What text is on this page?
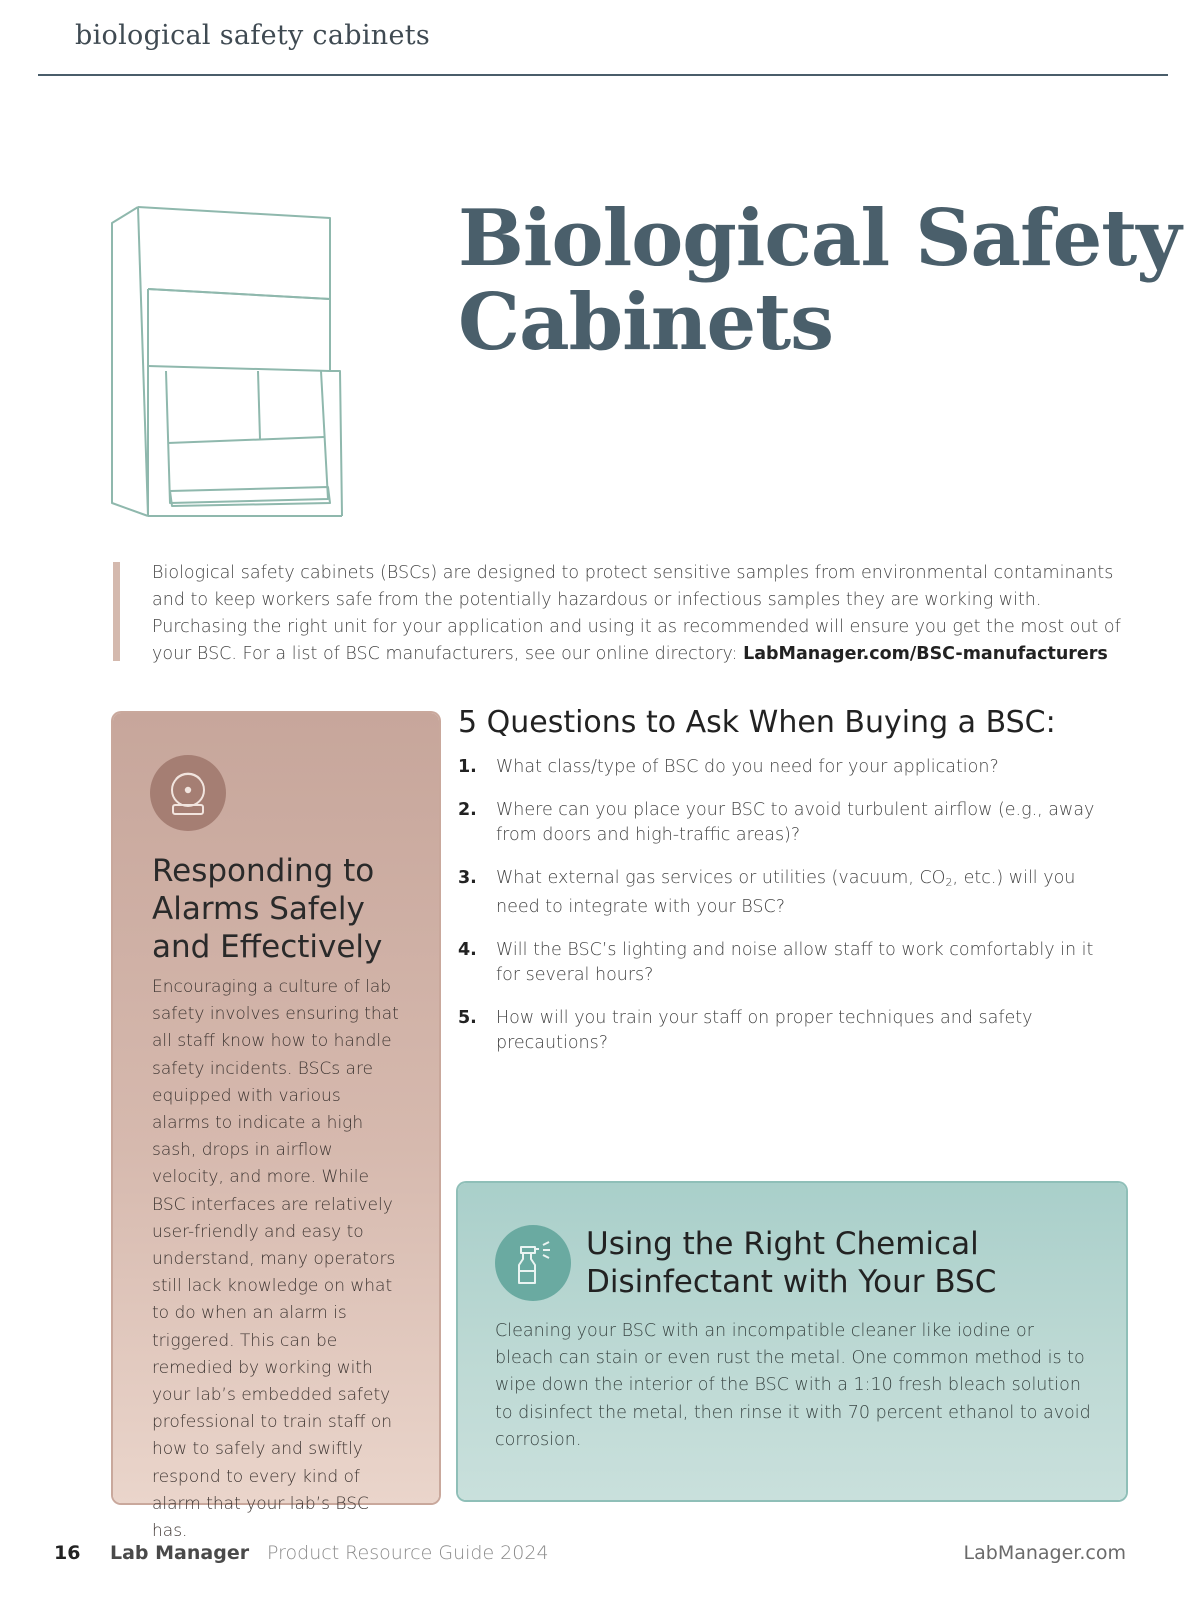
biological safety cabinets
Biological Safety
Cabinets

Biological safety cabinets (BSCs) are designed to protect sensitive samples from environmental contaminants and to keep workers safe from the potentially hazardous or infectious samples they are working with. Purchasing the right unit for your application and using it as recommended will ensure you get the most out of your BSC. For a list of BSC manufacturers, see our online directory: LabManager.com/BSC-manufacturers

Responding to Alarms Safely and Effectively

Encouraging a culture of lab safety involves ensuring that all staff know how to handle safety incidents. BSCs are equipped with various alarms to indicate a high sash, drops in airflow velocity, and more. While BSC interfaces are relatively user-friendly and easy to understand, many operators still lack knowledge on what to do when an alarm is triggered. This can be remedied by working with your lab’s embedded safety professional to train staff on how to safely and swiftly respond to every kind of alarm that your lab’s BSC has.

5 Questions to Ask When Buying a BSC:
1. What class/type of BSC do you need for your application?
2. Where can you place your BSC to avoid turbulent airflow (e.g., away from doors and high-traffic areas)?
3. What external gas services or utilities (vacuum, $CO_2$, etc.) will you need to integrate with your BSC?
4. Will the BSC’s lighting and noise allow staff to work comfortably in it for several hours?
5. How will you train your staff on proper techniques and safety precautions?
Using the Right Chemical Disinfectant with Your BSC

Cleaning your BSC with an incompatible cleaner like iodine or bleach can stain or even rust the metal. One common method is to wipe down the interior of the BSC with a 1:10 fresh bleach solution to disinfect the metal, then rinse it with 70 percent ethanol to avoid corrosion.

16 Lab Manager Product Resource Guide 2024	LabManager.com
